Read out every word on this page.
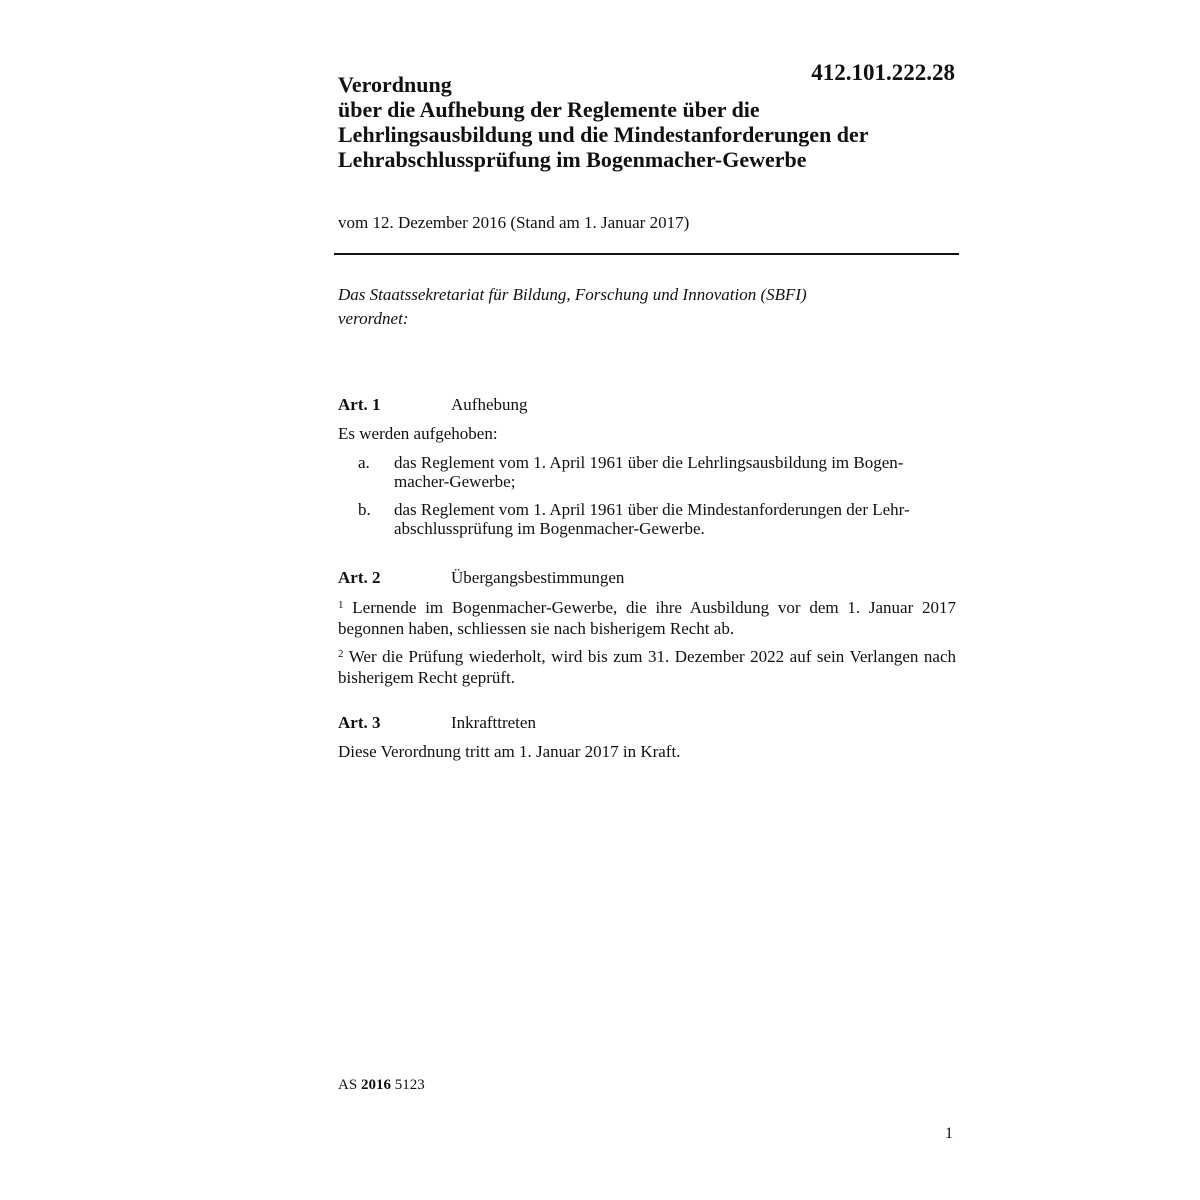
412.101.222.28
Verordnung
über die Aufhebung der Reglemente über die
Lehrlingsausbildung und die Mindestanforderungen der
Lehrabschlussprüfung im Bogenmacher-Gewerbe
vom 12. Dezember 2016 (Stand am 1. Januar 2017)
Das Staatssekretariat für Bildung, Forschung und Innovation (SBFI)
verordnet:
Art. 1	Aufhebung
Es werden aufgehoben:
a. das Reglement vom 1. April 1961 über die Lehrlingsausbildung im Bogen-
macher-Gewerbe;
b. das Reglement vom 1. April 1961 über die Mindestanforderungen der Lehr-
abschlussprüfung im Bogenmacher-Gewerbe.
Art. 2	Übergangsbestimmungen
$^1$ Lernende im Bogenmacher-Gewerbe, die ihre Ausbildung vor dem 1. Januar 2017 begonnen haben, schliessen sie nach bisherigem Recht ab.
$^2$ Wer die Prüfung wiederholt, wird bis zum 31. Dezember 2022 auf sein Verlangen nach bisherigem Recht geprüft.
Art. 3	Inkrafttreten
Diese Verordnung tritt am 1. Januar 2017 in Kraft.
AS 2016 5123
1
